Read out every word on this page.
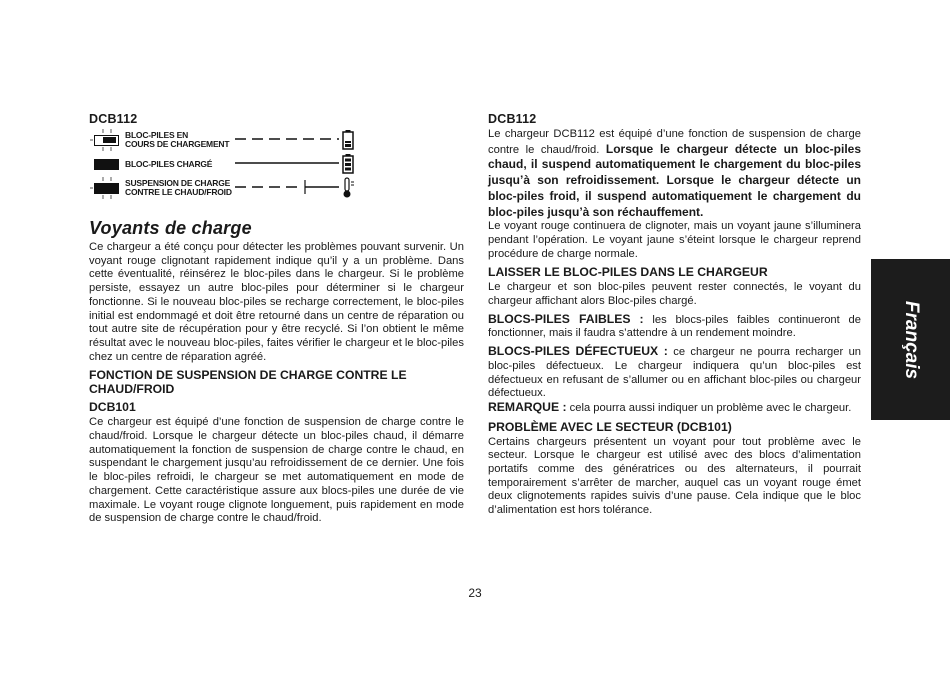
DCB112
BLOC-PILES EN
COURS DE CHARGEMENT
BLOC-PILES CHARGÉ
SUSPENSION DE CHARGE
CONTRE LE CHAUD/FROID
Voyants de charge

Ce chargeur a été conçu pour détecter les problèmes pouvant survenir. Un voyant rouge clignotant rapidement indique qu’il y a un problème. Dans cette éventualité, réinsérez le bloc-piles dans le chargeur. Si le problème persiste, essayez un autre bloc-piles pour déterminer si le chargeur fonctionne. Si le nouveau bloc-piles se recharge correctement, le bloc-piles initial est endommagé et doit être retourné dans un centre de réparation ou tout autre site de récupération pour y être recyclé. Si l’on obtient le même résultat avec le nouveau bloc-piles, faites vérifier le chargeur et le bloc-piles chez un centre de réparation agréé.

FONCTION DE SUSPENSION DE CHARGE CONTRE LE CHAUD/FROID
DCB101

Ce chargeur est équipé d’une fonction de suspension de charge contre le chaud/froid. Lorsque le chargeur détecte un bloc-piles chaud, il démarre automatiquement la fonction de suspension de charge contre le chaud, en suspendant le chargement jusqu’au refroidissement de ce dernier. Une fois le bloc-piles refroidi, le chargeur se met automatiquement en mode de chargement. Cette caractéristique assure aux blocs-piles une durée de vie maximale. Le voyant rouge clignote longuement, puis rapidement en mode de suspension de charge contre le chaud/froid.

DCB112

Le chargeur DCB112 est équipé d’une fonction de suspension de charge contre le chaud/froid. Lorsque le chargeur détecte un bloc-piles chaud, il suspend automatiquement le chargement du bloc-piles jusqu’à son refroidissement. Lorsque le chargeur détecte un bloc-piles froid, il suspend automatiquement le chargement du bloc-piles jusqu’à son réchauffement.

Le voyant rouge continuera de clignoter, mais un voyant jaune s’illuminera pendant l’opération. Le voyant jaune s’éteint lorsque le chargeur reprend procédure de charge normale.

LAISSER LE BLOC-PILES DANS LE CHARGEUR

Le chargeur et son bloc-piles peuvent rester connectés, le voyant du chargeur affichant alors Bloc-piles chargé.

BLOCS-PILES FAIBLES : les blocs-piles faibles continueront de fonctionner, mais il faudra s’attendre à un rendement moindre.

BLOCS-PILES DÉFECTUEUX : ce chargeur ne pourra recharger un bloc-piles défectueux. Le chargeur indiquera qu’un bloc-piles est défectueux en refusant de s’allumer ou en affichant bloc-piles ou chargeur défectueux.

REMARQUE : cela pourra aussi indiquer un problème avec le chargeur.

PROBLÈME AVEC LE SECTEUR (DCB101)

Certains chargeurs présentent un voyant pour tout problème avec le secteur. Lorsque le chargeur est utilisé avec des blocs d’alimentation portatifs comme des génératrices ou des alternateurs, il pourrait temporairement s’arrêter de marcher, auquel cas un voyant rouge émet deux clignotements rapides suivis d’une pause. Cela indique que le bloc d’alimentation est hors tolérance.

Français
23
